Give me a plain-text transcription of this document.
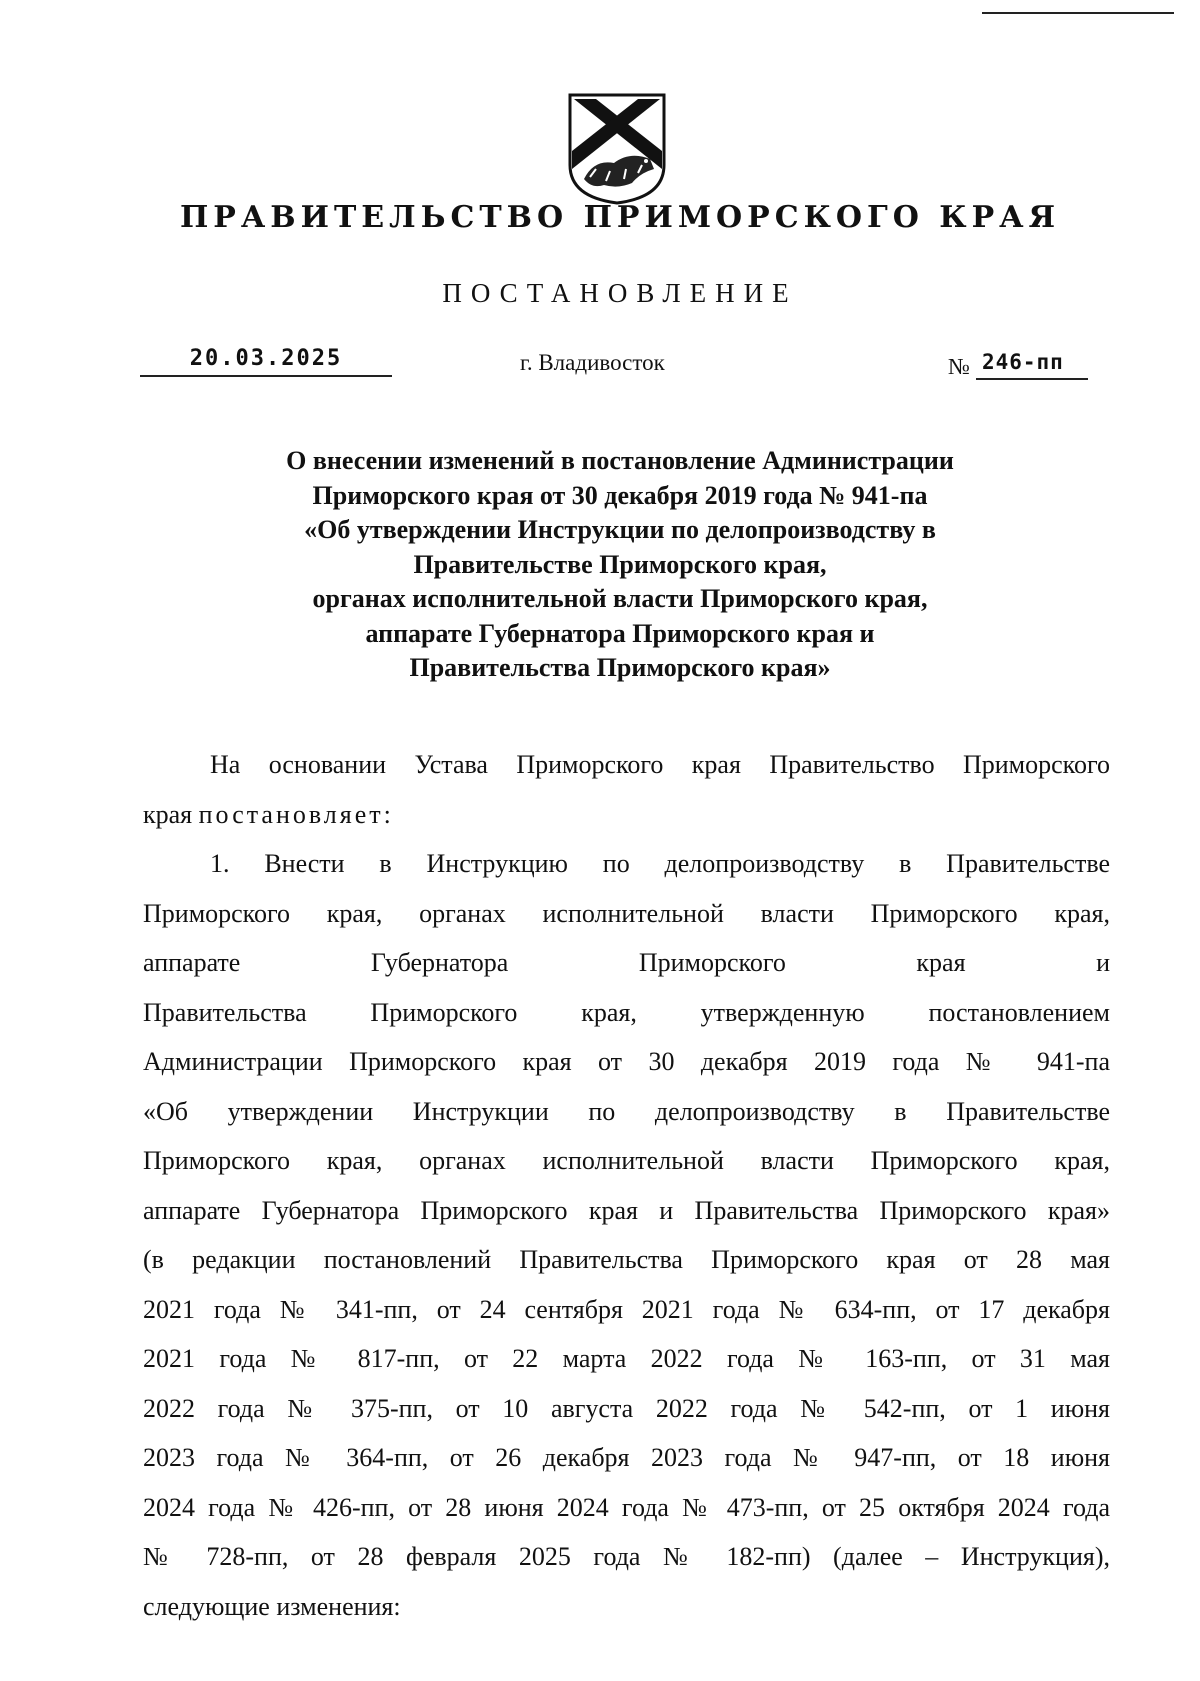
ПРАВИТЕЛЬСТВО ПРИМОРСКОГО КРАЯ
ПОСТАНОВЛЕНИЕ
20.03.2025	г. Владивосток	№ 246-пп
О внесении изменений в постановление Администрации
Приморского края от 30 декабря 2019 года № 941-па
«Об утверждении Инструкции по делопроизводству в
Правительстве Приморского края,
органах исполнительной власти Приморского края,
аппарате Губернатора Приморского края и
Правительства Приморского края»
На основании Устава Приморского края Правительство Приморского
края постановляет:
1. Внести в Инструкцию по делопроизводству в Правительстве
Приморского края, органах исполнительной власти Приморского края,
аппарате Губернатора Приморского края и
Правительства Приморского края, утвержденную постановлением
Администрации Приморского края от 30 декабря 2019 года № 941-па
«Об утверждении Инструкции по делопроизводству в Правительстве
Приморского края, органах исполнительной власти Приморского края,
аппарате Губернатора Приморского края и Правительства Приморского края»
(в редакции постановлений Правительства Приморского края от 28 мая
2021 года № 341-пп, от 24 сентября 2021 года № 634-пп, от 17 декабря
2021 года № 817-пп, от 22 марта 2022 года № 163-пп, от 31 мая
2022 года № 375-пп, от 10 августа 2022 года № 542-пп, от 1 июня
2023 года № 364-пп, от 26 декабря 2023 года № 947-пп, от 18 июня
2024 года № 426-пп, от 28 июня 2024 года № 473-пп, от 25 октября 2024 года
№ 728-пп, от 28 февраля 2025 года № 182-пп) (далее – Инструкция),
следующие изменения:
